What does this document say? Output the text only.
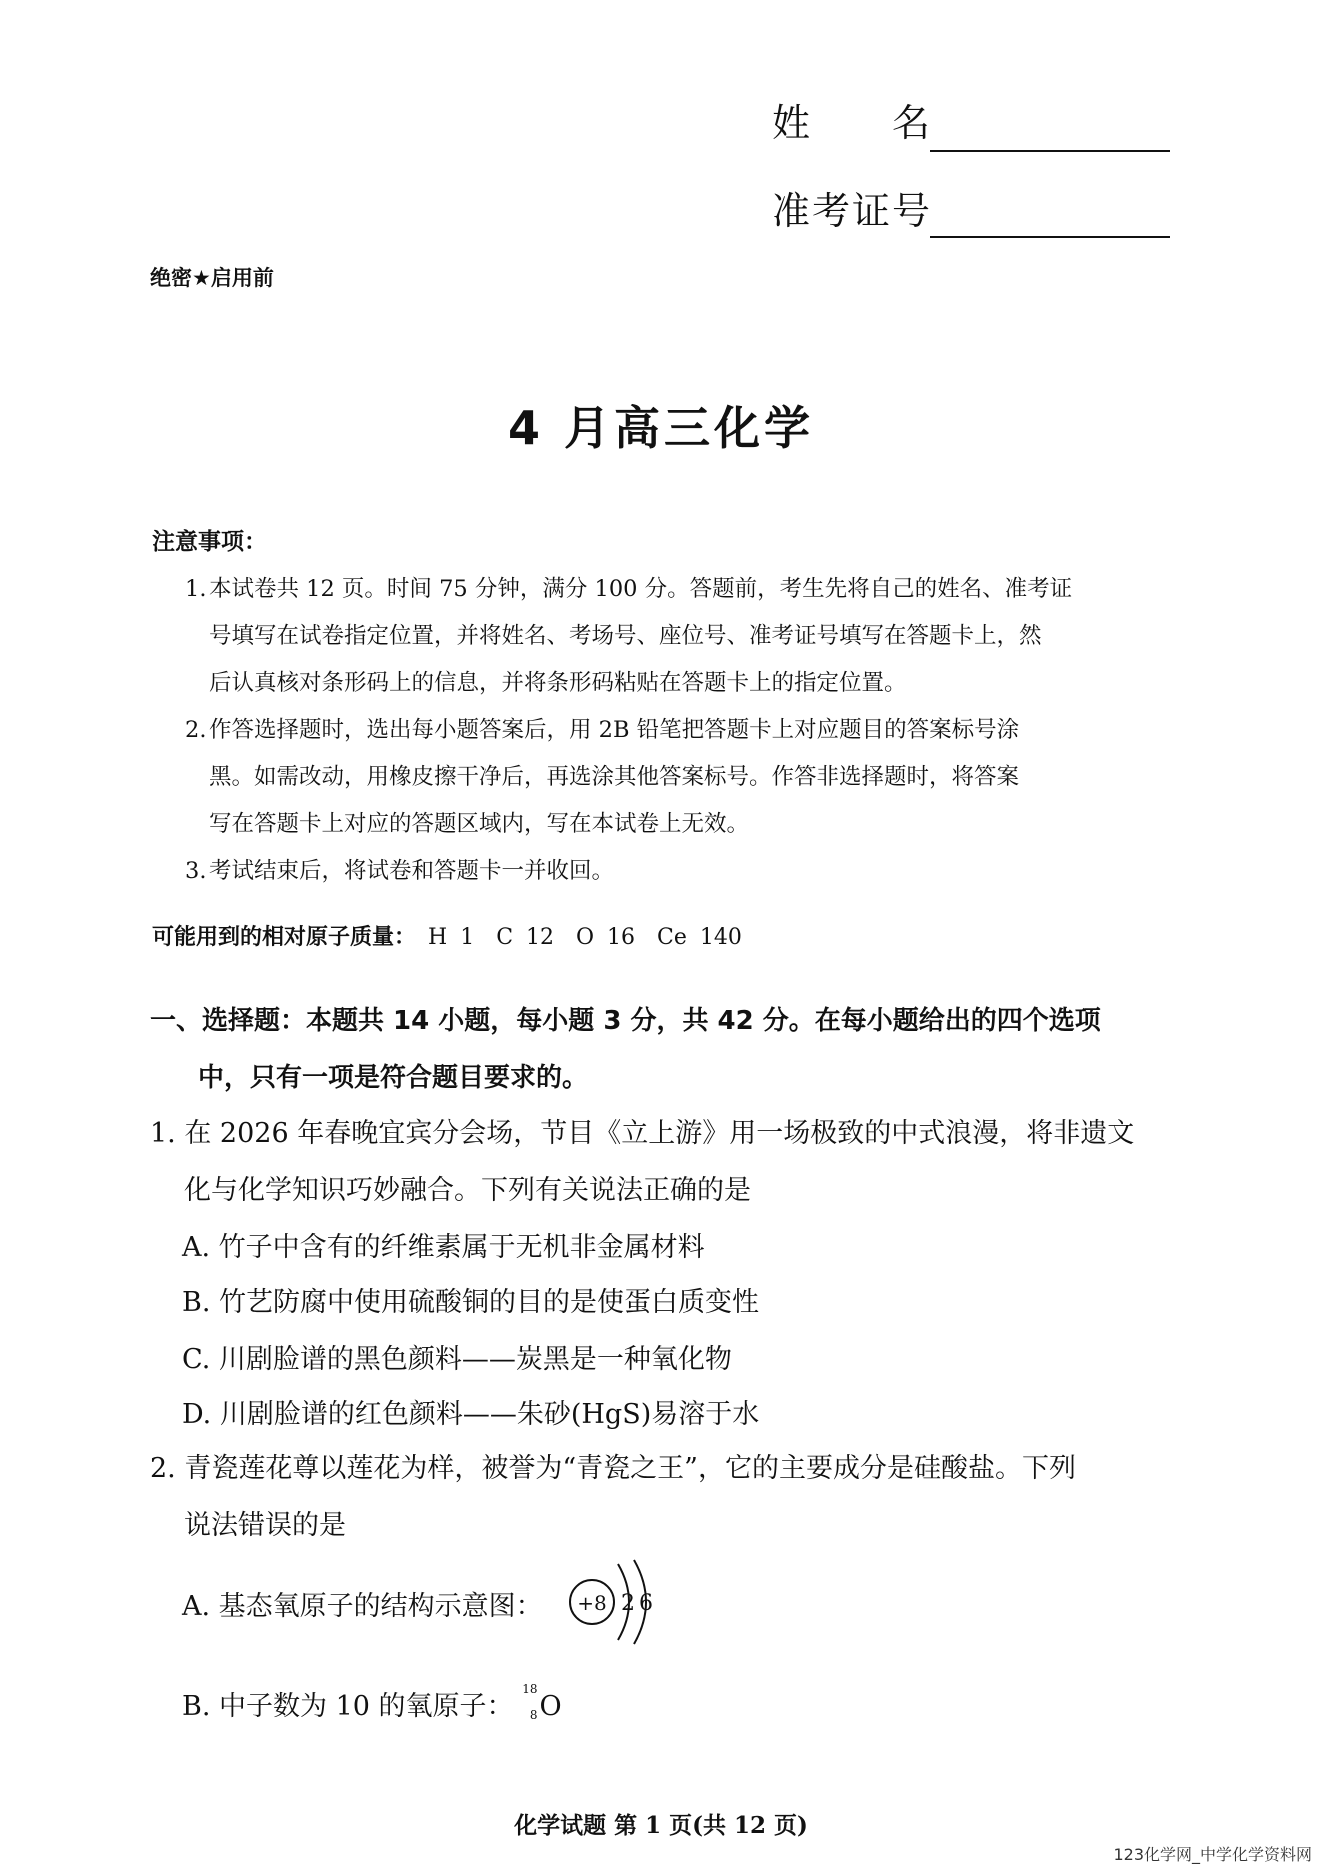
姓　　名
准考证号
绝密★启用前
4 月高三化学
注意事项：
1. 本试卷共 12 页。时间 75 分钟，满分 100 分。答题前，考生先将自己的姓名、准考证
号填写在试卷指定位置，并将姓名、考场号、座位号、准考证号填写在答题卡上，然
后认真核对条形码上的信息，并将条形码粘贴在答题卡上的指定位置。
2. 作答选择题时，选出每小题答案后，用 2B 铅笔把答题卡上对应题目的答案标号涂
黑。如需改动，用橡皮擦干净后，再选涂其他答案标号。作答非选择题时，将答案
写在答题卡上对应的答题区域内，写在本试卷上无效。
3. 考试结束后，将试卷和答题卡一并收回。
可能用到的相对原子质量： H 1　C 12　O 16　Ce 140
一、选择题：本题共 14 小题，每小题 3 分，共 42 分。在每小题给出的四个选项
中，只有一项是符合题目要求的。
1. 在 2026 年春晚宜宾分会场，节目《立上游》用一场极致的中式浪漫，将非遗文
化与化学知识巧妙融合。下列有关说法正确的是
A. 竹子中含有的纤维素属于无机非金属材料
B. 竹艺防腐中使用硫酸铜的目的是使蛋白质变性
C. 川剧脸谱的黑色颜料——炭黑是一种氧化物
D. 川剧脸谱的红色颜料——朱砂(HgS)易溶于水
2. 青瓷莲花尊以莲花为样，被誉为“青瓷之王”，它的主要成分是硅酸盐。下列
说法错误的是
A. 基态氧原子的结构示意图： +8 2 6
B. 中子数为 10 的氧原子：
18
8 O
化学试题 第 1 页(共 12 页)
123化学网_中学化学资料网
